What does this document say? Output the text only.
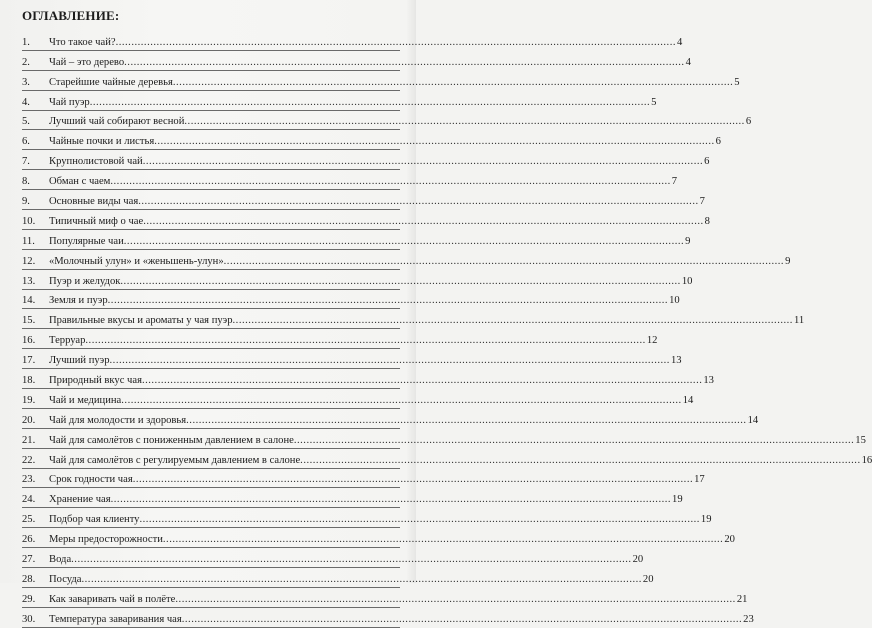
ОГЛАВЛЕНИЕ:
1.	Что такое чай? .....	4
2.	Чай – это дерево .....	4
3.	Старейшие чайные деревья .....	5
4.	Чай пуэр .....	5
5.	Лучший чай собирают весной .....	6
6.	Чайные почки и листья .....	6
7.	Крупнолистовой чай .....	6
8.	Обман с чаем .....	7
9.	Основные виды чая .....	7
10.	Типичный миф о чае .....	8
11.	Популярные чаи .....	9
12.	«Молочный улун» и «женьшень-улун» .....	9
13.	Пуэр и желудок .....	10
14.	Земля и пуэр .....	10
15.	Правильные вкусы и ароматы у чая пуэр .....	11
16.	Терруар .....	12
17.	Лучший пуэр .....	13
18.	Природный вкус чая .....	13
19.	Чай и медицина .....	14
20.	Чай для молодости и здоровья .....	14
21.	Чай для самолётов с пониженным давлением в салоне .....	15
22.	Чай для самолётов с регулируемым давлением в салоне .....	16
23.	Срок годности чая .....	17
24.	Хранение чая .....	19
25.	Подбор чая клиенту .....	19
26.	Меры предосторожности .....	20
27.	Вода .....	20
28.	Посуда .....	20
29.	Как заваривать чай в полёте .....	21
30.	Температура заваривания чая .....	23
